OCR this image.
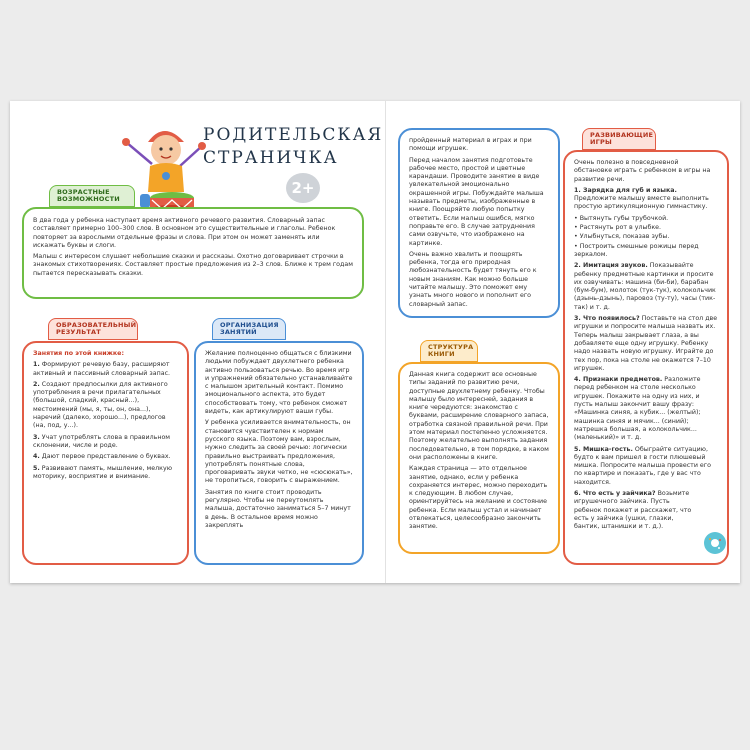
РОДИТЕЛЬСКАЯ
СТРАНИЧКА
2+
ВОЗРАСТНЫЕ ВОЗМОЖНОСТИ

В два года у ребенка наступает время активного речевого развития. Словарный запас составляет примерно 100–300 слов. В основном это существительные и глаголы. Ребенок повторяет за взрослыми отдельные фразы и слова. При этом он может заменять или искажать буквы и слоги.

Малыш с интересом слушает небольшие сказки и рассказы. Охотно договаривает строчки в знакомых стихотворениях. Составляет простые предложения из 2–3 слов. Ближе к трем годам пытается пересказывать сказки.

ОБРАЗОВАТЕЛЬНЫЙ РЕЗУЛЬТАТ

Занятия по этой книжке:

1. Формируют речевую базу, расширяют активный и пассивный словарный запас.
2. Создают предпосылки для активного употребления в речи прилагательных (большой, сладкий, красный...), местоимений (мы, я, ты, он, она...), наречий (далеко, хорошо...), предлогов (на, под, у...).
3. Учат употреблять слова в правильном склонении, числе и роде.
4. Дают первое представление о буквах.
5. Развивают память, мышление, мелкую моторику, восприятие и внимание.
ОРГАНИЗАЦИЯ ЗАНЯТИЙ

Желание полноценно общаться с близкими людьми побуждает двухлетнего ребенка активно пользоваться речью. Во время игр и упражнений обязательно устанавливайте с малышом зрительный контакт. Помимо эмоционального аспекта, это будет способствовать тому, что ребенок сможет видеть, как артикулируют ваши губы.

У ребенка усиливается внимательность, он становится чувствителен к нормам русского языка. Поэтому вам, взрослым, нужно следить за своей речью: логически правильно выстраивать предложения, употреблять понятные слова, проговаривать звуки четко, не «сюсюкать», не торопиться, говорить с выражением.

Занятия по книге стоит проводить регулярно. Чтобы не переутомлять малыша, достаточно заниматься 5–7 минут в день. В остальное время можно закреплять

пройденный материал в играх и при помощи игрушек.

Перед началом занятия подготовьте рабочее место, простой и цветные карандаши. Проводите занятие в виде увлекательной эмоционально окрашенной игры. Побуждайте малыша называть предметы, изображенные в книге. Поощряйте любую попытку ответить. Если малыш ошибся, мягко поправьте его. В случае затруднения сами озвучьте, что изображено на картинке.

Очень важно хвалить и поощрять ребенка, тогда его природная любознательность будет тянуть его к новым знаниям. Как можно больше читайте малышу. Это поможет ему узнать много нового и пополнит его словарный запас.

СТРУКТУРА КНИГИ

Данная книга содержит все основные типы заданий по развитию речи, доступные двухлетнему ребенку. Чтобы малышу было интересней, задания в книге чередуются: знакомство с буквами, расширение словарного запаса, отработка связной правильной речи. При этом материал постепенно усложняется. Поэтому желательно выполнять задания последовательно, в том порядке, в каком они расположены в книге.

Каждая страница — это отдельное занятие, однако, если у ребенка сохраняется интерес, можно переходить к следующим. В любом случае, ориентируйтесь на желание и состояние ребенка. Если малыш устал и начинает отвлекаться, целесообразно закончить занятие.

РАЗВИВАЮЩИЕ ИГРЫ

Очень полезно в повседневной обстановке играть с ребенком в игры на развитие речи.

1. Зарядка для губ и языка. Предложите малышу вместе выполнить простую артикуляционную гимнастику.

• Вытянуть губы трубочкой.
• Растянуть рот в улыбке.
• Улыбнуться, показав зубы.
• Построить смешные рожицы перед зеркалом.

2. Имитация звуков. Показывайте ребенку предметные картинки и просите их озвучивать: машина (би-би), барабан (бум-бум), молоток (тук-тук), колокольчик (дзынь-дзынь), паровоз (ту-ту), часы (тик-так) и т. д.

3. Что появилось? Поставьте на стол две игрушки и попросите малыша назвать их. Теперь малыш закрывает глаза, а вы добавляете еще одну игрушку. Ребенку надо назвать новую игрушку. Играйте до тех пор, пока на столе не окажется 7–10 игрушек.

4. Признаки предметов. Разложите перед ребенком на столе несколько игрушек. Покажите на одну из них, и пусть малыш закончит вашу фразу: «Машинка синяя, а кубик... (желтый); машинка синяя и мячик... (синий); матрешка большая, а колокольчик... (маленький)» и т. д.

5. Мишка-гость. Обыграйте ситуацию, будто к вам пришел в гости плюшевый мишка. Попросите малыша провести его по квартире и показать, где у вас что находится.

6. Что есть у зайчика? Возьмите игрушечного зайчика. Пусть ребенок покажет и расскажет, что есть у зайчика (ушки, глазки, бантик, штанишки и т. д.).
